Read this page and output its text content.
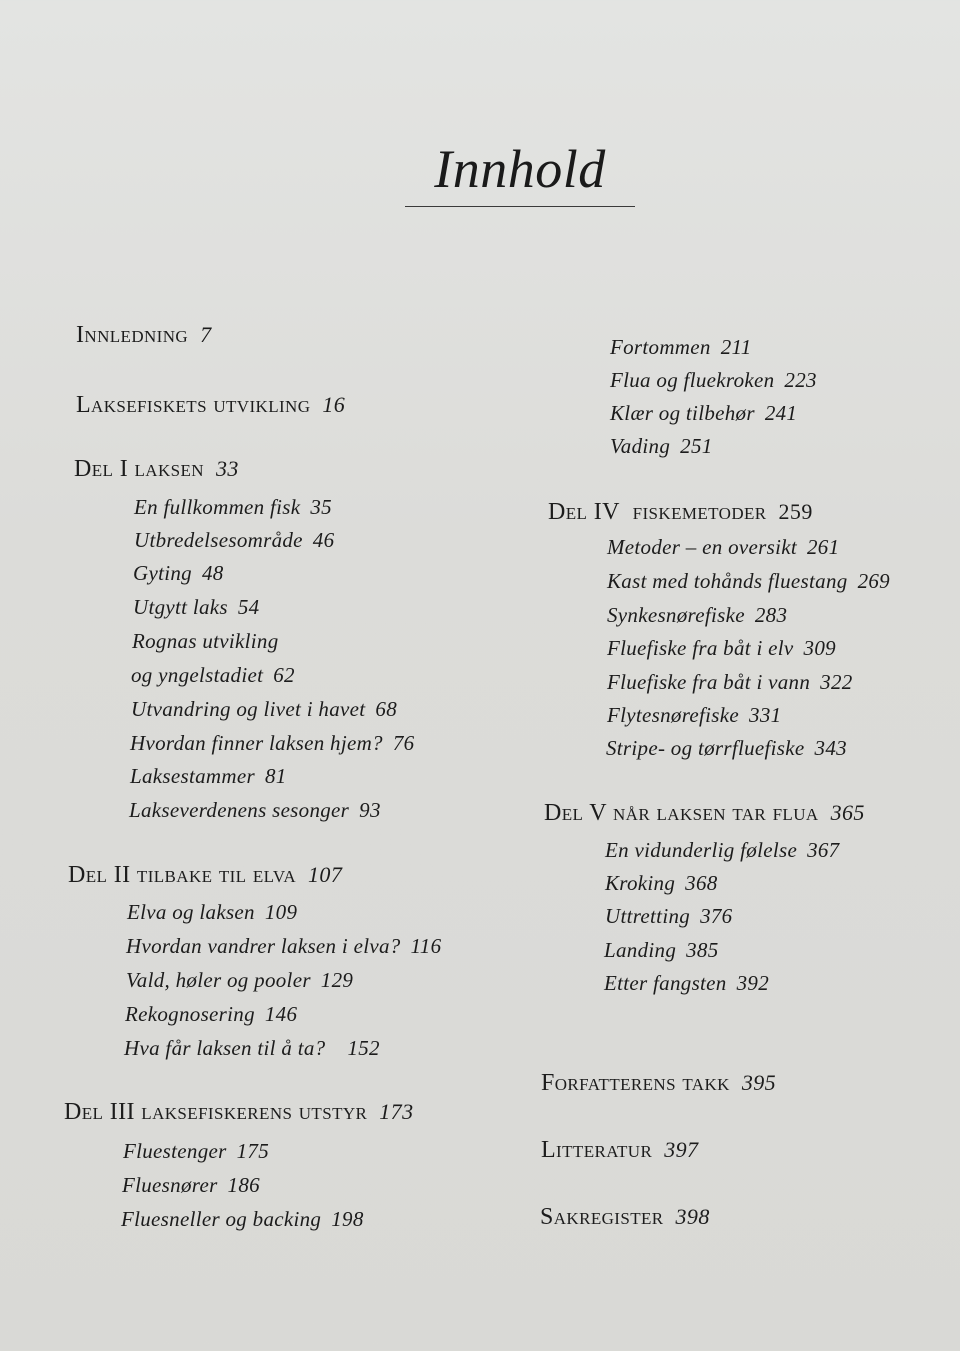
Innhold
Innledning 7
Laksefiskets utvikling 16
Del I laksen 33
En fullkommen fisk 35
Utbredelsesområde 46
Gyting 48
Utgytt laks 54
Rognas utvikling
og yngelstadiet 62
Utvandring og livet i havet 68
Hvordan finner laksen hjem? 76
Laksestammer 81
Lakseverdenens sesonger 93
Del II tilbake til elva 107
Elva og laksen 109
Hvordan vandrer laksen i elva? 116
Vald, høler og pooler 129
Rekognosering 146
Hva får laksen til å ta? 152
Del III laksefiskerens utstyr 173
Fluestenger 175
Fluesnører 186
Fluesneller og backing 198
Fortommen 211
Flua og fluekroken 223
Klær og tilbehør 241
Vading 251
Del IV fiskemetoder 259
Metoder – en oversikt 261
Kast med tohånds fluestang 269
Synkesnørefiske 283
Fluefiske fra båt i elv 309
Fluefiske fra båt i vann 322
Flytesnørefiske 331
Stripe- og tørrfluefiske 343
Del V når laksen tar flua 365
En vidunderlig følelse 367
Kroking 368
Uttretting 376
Landing 385
Etter fangsten 392
Forfatterens takk 395
Litteratur 397
Sakregister 398
